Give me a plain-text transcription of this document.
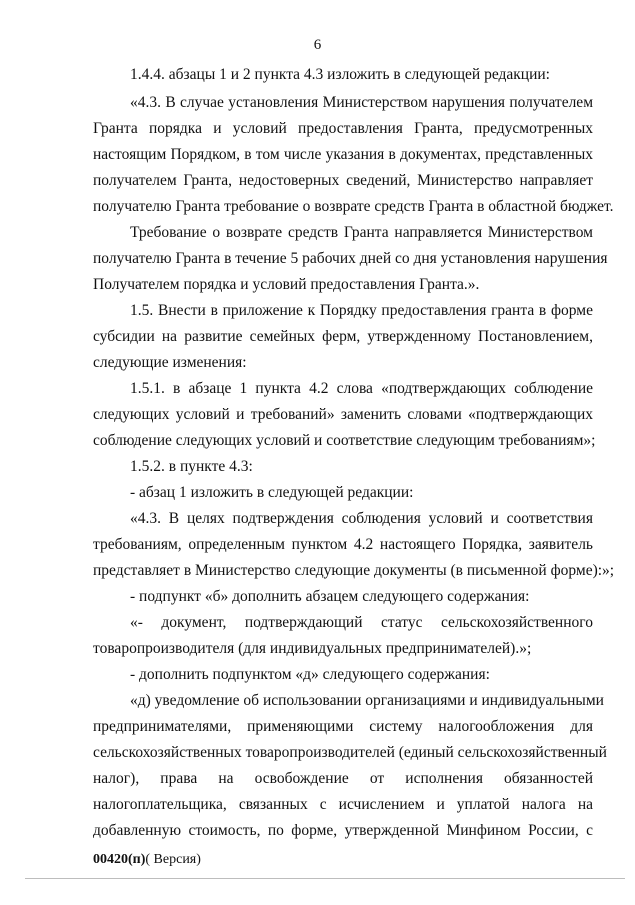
6
1.4.4. абзацы 1 и 2 пункта 4.3 изложить в следующей редакции:
«4.3. В случае установления Министерством нарушения получателем
Гранта порядка и условий предоставления Гранта, предусмотренных
настоящим Порядком, в том числе указания в документах, представленных
получателем Гранта, недостоверных сведений, Министерство направляет
получателю Гранта требование о возврате средств Гранта в областной бюджет.
Требование о возврате средств Гранта направляется Министерством
получателю Гранта в течение 5 рабочих дней со дня установления нарушения
Получателем порядка и условий предоставления Гранта.».
1.5. Внести в приложение к Порядку предоставления гранта в форме
субсидии на развитие семейных ферм, утвержденному Постановлением,
следующие изменения:
1.5.1. в абзаце 1 пункта 4.2 слова «подтверждающих соблюдение
следующих условий и требований» заменить словами «подтверждающих
соблюдение следующих условий и соответствие следующим требованиям»;
1.5.2. в пункте 4.3:
- абзац 1 изложить в следующей редакции:
«4.3. В целях подтверждения соблюдения условий и соответствия
требованиям, определенным пунктом 4.2 настоящего Порядка, заявитель
представляет в Министерство следующие документы (в письменной форме):»;
- подпункт «б» дополнить абзацем следующего содержания:
«- документ, подтверждающий статус сельскохозяйственного
товаропроизводителя (для индивидуальных предпринимателей).»;
- дополнить подпунктом «д» следующего содержания:
«д) уведомление об использовании организациями и индивидуальными
предпринимателями, применяющими систему налогообложения для
сельскохозяйственных товаропроизводителей (единый сельскохозяйственный
налог), права на освобождение от исполнения обязанностей
налогоплательщика, связанных с исчислением и уплатой налога на
добавленную стоимость, по форме, утвержденной Минфином России, с
00420(п)( Версия)
